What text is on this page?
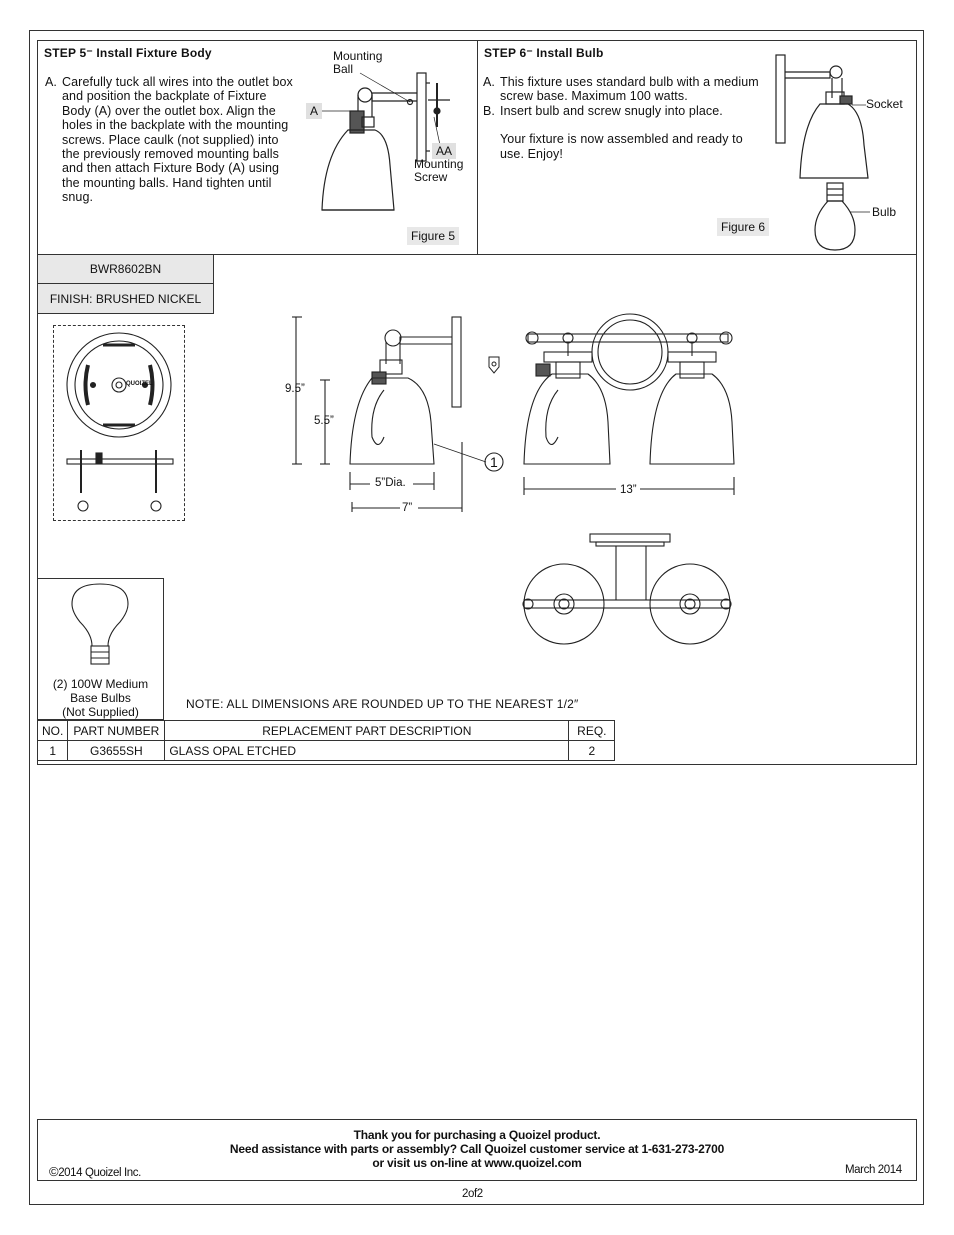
STEP 5⁻ Install Fixture Body
A. Carefully tuck all wires into the outlet box and position the backplate of Fixture Body (A) over the outlet box. Align the holes in the backplate with the mounting screws. Place caulk (not supplied) into the previously removed mounting balls and then attach Fixture Body (A) using the mounting balls. Hand tighten until snug.
Mounting
Ball
A
AA
Mounting
Screw
Figure 5
STEP 6⁻ Install Bulb
A. This fixture uses standard bulb with a medium screw base. Maximum 100 watts.
B. Insert bulb and screw snugly into place.
Your fixture is now assembled and ready to use. Enjoy!
Socket
Bulb
Figure 6
BWR8602BN
FINISH: BRUSHED NICKEL
QUOIZEL	9.5”
5.5”
5”Dia.
7”
1
13”
(2) 100W Medium
Base Bulbs
(Not Supplied)
NOTE: ALL DIMENSIONS ARE ROUNDED UP TO THE NEAREST 1/2″
NO.	PART NUMBER	REPLACEMENT PART DESCRIPTION	REQ.
1	G3655SH	GLASS OPAL ETCHED	2
Thank you for purchasing a Quoizel product.
Need assistance with parts or assembly? Call Quoizel customer service at 1-631-273-2700
or visit us on-line at www.quoizel.com
©2014 Quoizel Inc.	March 2014
2of2
